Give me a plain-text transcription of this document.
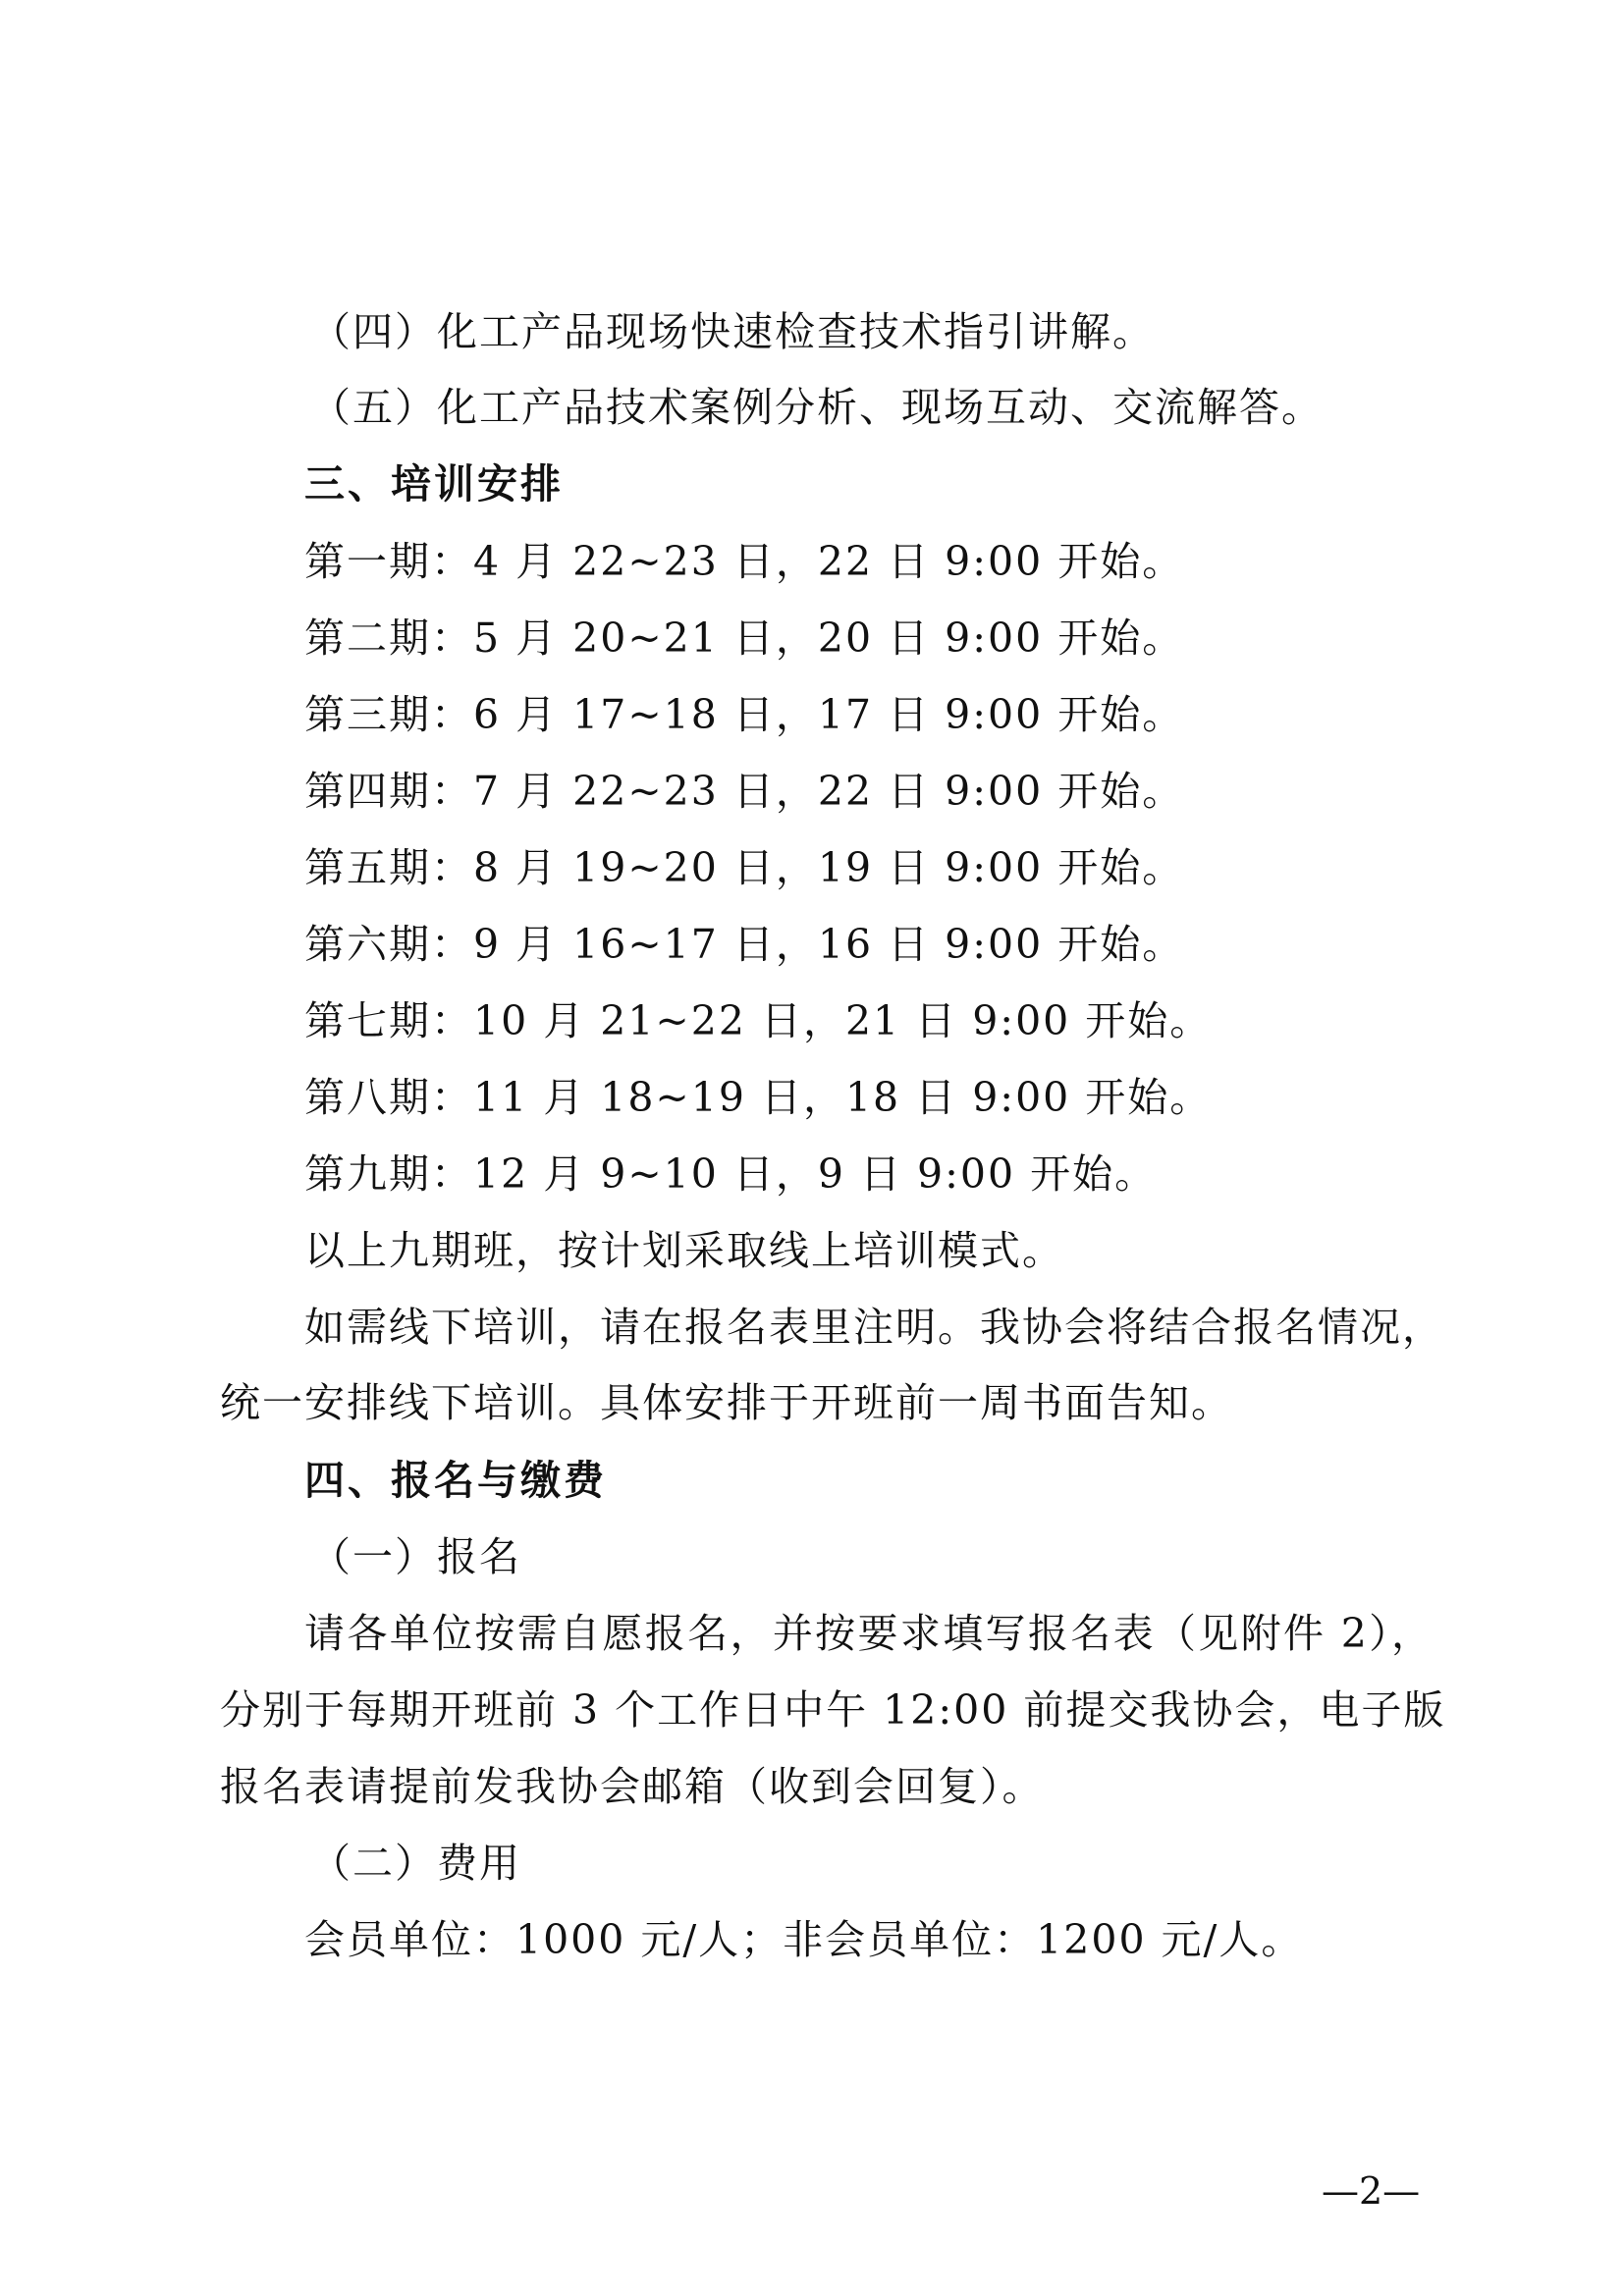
（四）化工产品现场快速检查技术指引讲解。
（五）化工产品技术案例分析、现场互动、交流解答。
三、培训安排
第一期：4 月 22~23 日，22 日 9:00 开始。
第二期：5 月 20~21 日，20 日 9:00 开始。
第三期：6 月 17~18 日，17 日 9:00 开始。
第四期：7 月 22~23 日，22 日 9:00 开始。
第五期：8 月 19~20 日，19 日 9:00 开始。
第六期：9 月 16~17 日，16 日 9:00 开始。
第七期：10 月 21~22 日，21 日 9:00 开始。
第八期：11 月 18~19 日，18 日 9:00 开始。
第九期：12 月 9~10 日，9 日 9:00 开始。
以上九期班，按计划采取线上培训模式。
如需线下培训，请在报名表里注明。我协会将结合报名情况，
统一安排线下培训。具体安排于开班前一周书面告知。
四、报名与缴费
（一）报名
请各单位按需自愿报名，并按要求填写报名表（见附件 2），
分别于每期开班前 3 个工作日中午 12:00 前提交我协会，电子版
报名表请提前发我协会邮箱（收到会回复）。
（二）费用
会员单位：1000 元/人；非会员单位：1200 元/人。
—2—
